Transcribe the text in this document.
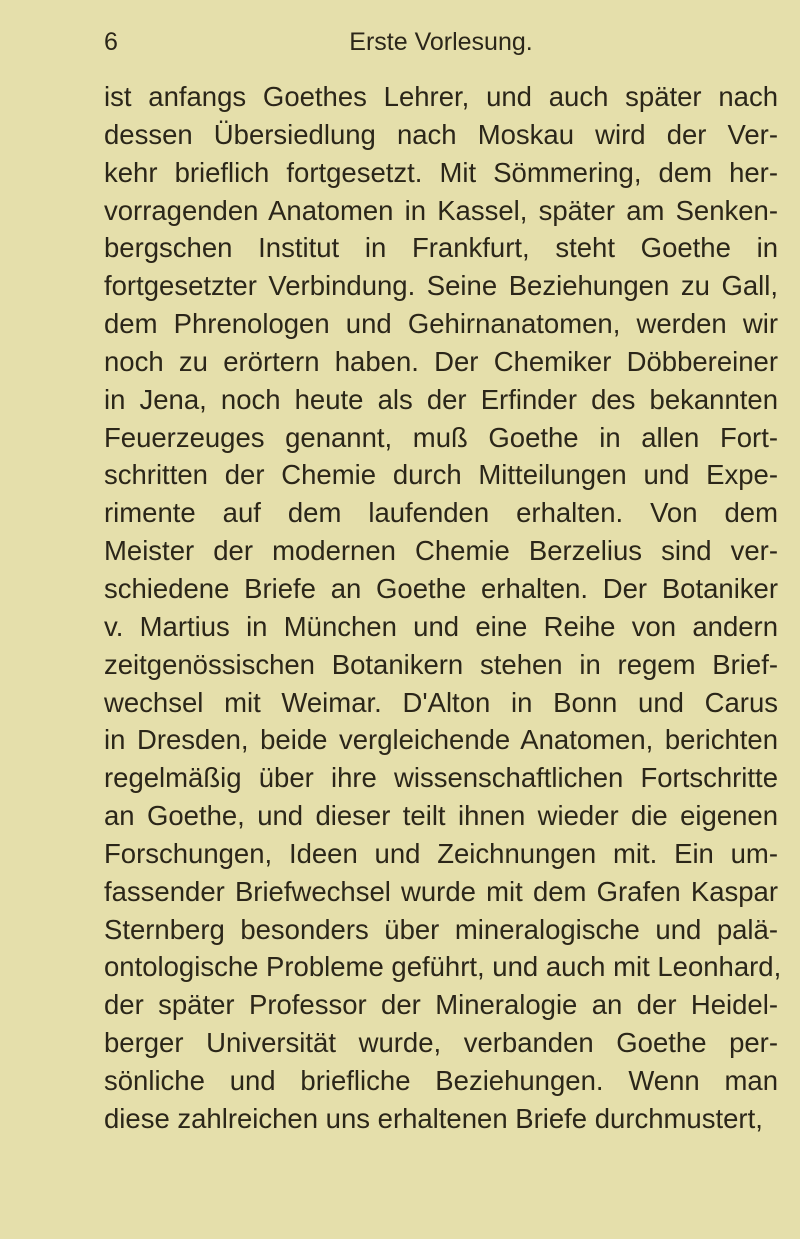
6	Erste Vorlesung.
ist anfangs Goethes Lehrer, und auch später nach
dessen Übersiedlung nach Moskau wird der Ver-
kehr brieflich fortgesetzt. Mit Sömmering, dem her-
vorragenden Anatomen in Kassel, später am Senken-
bergschen Institut in Frankfurt, steht Goethe in
fortgesetzter Verbindung. Seine Beziehungen zu Gall,
dem Phrenologen und Gehirnanatomen, werden wir
noch zu erörtern haben. Der Chemiker Döbbereiner
in Jena, noch heute als der Erfinder des bekannten
Feuerzeuges genannt, muß Goethe in allen Fort-
schritten der Chemie durch Mitteilungen und Expe-
rimente auf dem laufenden erhalten. Von dem
Meister der modernen Chemie Berzelius sind ver-
schiedene Briefe an Goethe erhalten. Der Botaniker
v. Martius in München und eine Reihe von andern
zeitgenössischen Botanikern stehen in regem Brief-
wechsel mit Weimar. D'Alton in Bonn und Carus
in Dresden, beide vergleichende Anatomen, berichten
regelmäßig über ihre wissenschaftlichen Fortschritte
an Goethe, und dieser teilt ihnen wieder die eigenen
Forschungen, Ideen und Zeichnungen mit. Ein um-
fassender Briefwechsel wurde mit dem Grafen Kaspar
Sternberg besonders über mineralogische und palä-
ontologische Probleme geführt, und auch mit Leonhard,
der später Professor der Mineralogie an der Heidel-
berger Universität wurde, verbanden Goethe per-
sönliche und briefliche Beziehungen. Wenn man
diese zahlreichen uns erhaltenen Briefe durchmustert,
